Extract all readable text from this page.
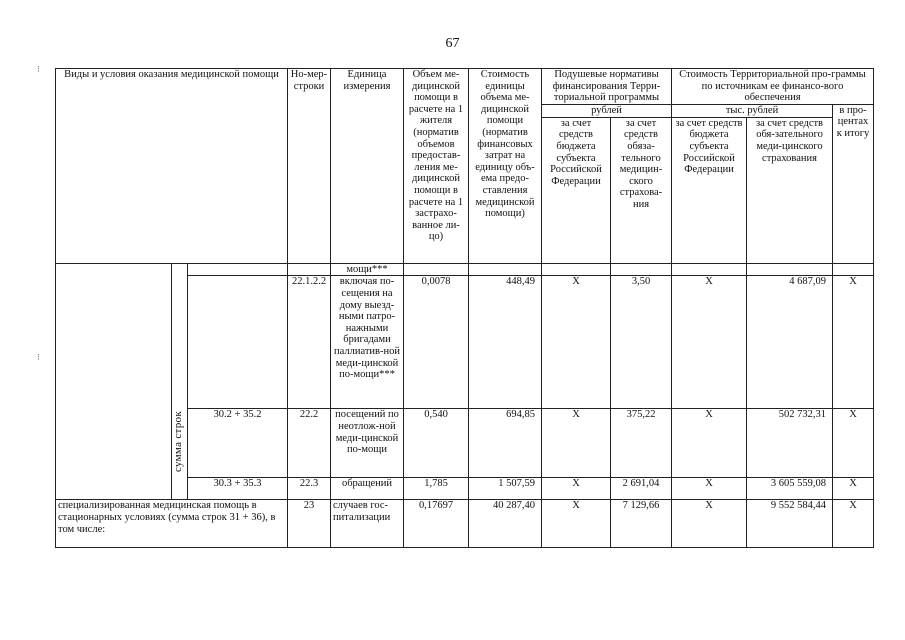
67
⁝
⁝
Виды и условия оказания медицинской помощи			Но-мер-строки	Единица измерения	Объем ме-дицинской помощи в расчете на 1 жителя (норматив объемов предостав-ления ме-дицинской помощи в расчете на 1 застрахо-ванное ли-цо)	Стоимость единицы объема ме-дицинской помощи (норматив финансовых затрат на единицу объ-ема предо-ставления медицинской помощи)	Подушевые нормативы финансирования Терри-ториальной программы		Стоимость Территориальной про-граммы по источникам ее финансо-вого обеспечения		
							рублей		тыс. рублей		в про-центах к итогу
							за счет средств бюджета субъекта Российской Федерации	за счет средств обяза-тельного медицин-ского страхова-ния	за счет средств бюджета субъекта Российской Федерации	за счет средств обя-зательного меди-цинского страхования	

	сумма строк			мощи***							
			22.1.2.2	включая по-сещения на дому выезд-ными патро-нажными бригадами паллиатив-ной меди-цинской по-мощи***	0,0078	448,49	X	3,50	X	4 687,09	X
		30.2 + 35.2	22.2	посещений по неотлож-ной меди-цинской по-мощи	0,540	694,85	X	375,22	X	502 732,31	X
		30.3 + 35.3	22.3	обращений	1,785	1 507,59	X	2 691,04	X	3 605 559,08	X
специализированная медицинская помощь в стационарных условиях (сумма строк 31 + 36), в том числе:			23	случаев гос-питализации	0,17697	40 287,40	X	7 129,66	X	9 552 584,44	X
